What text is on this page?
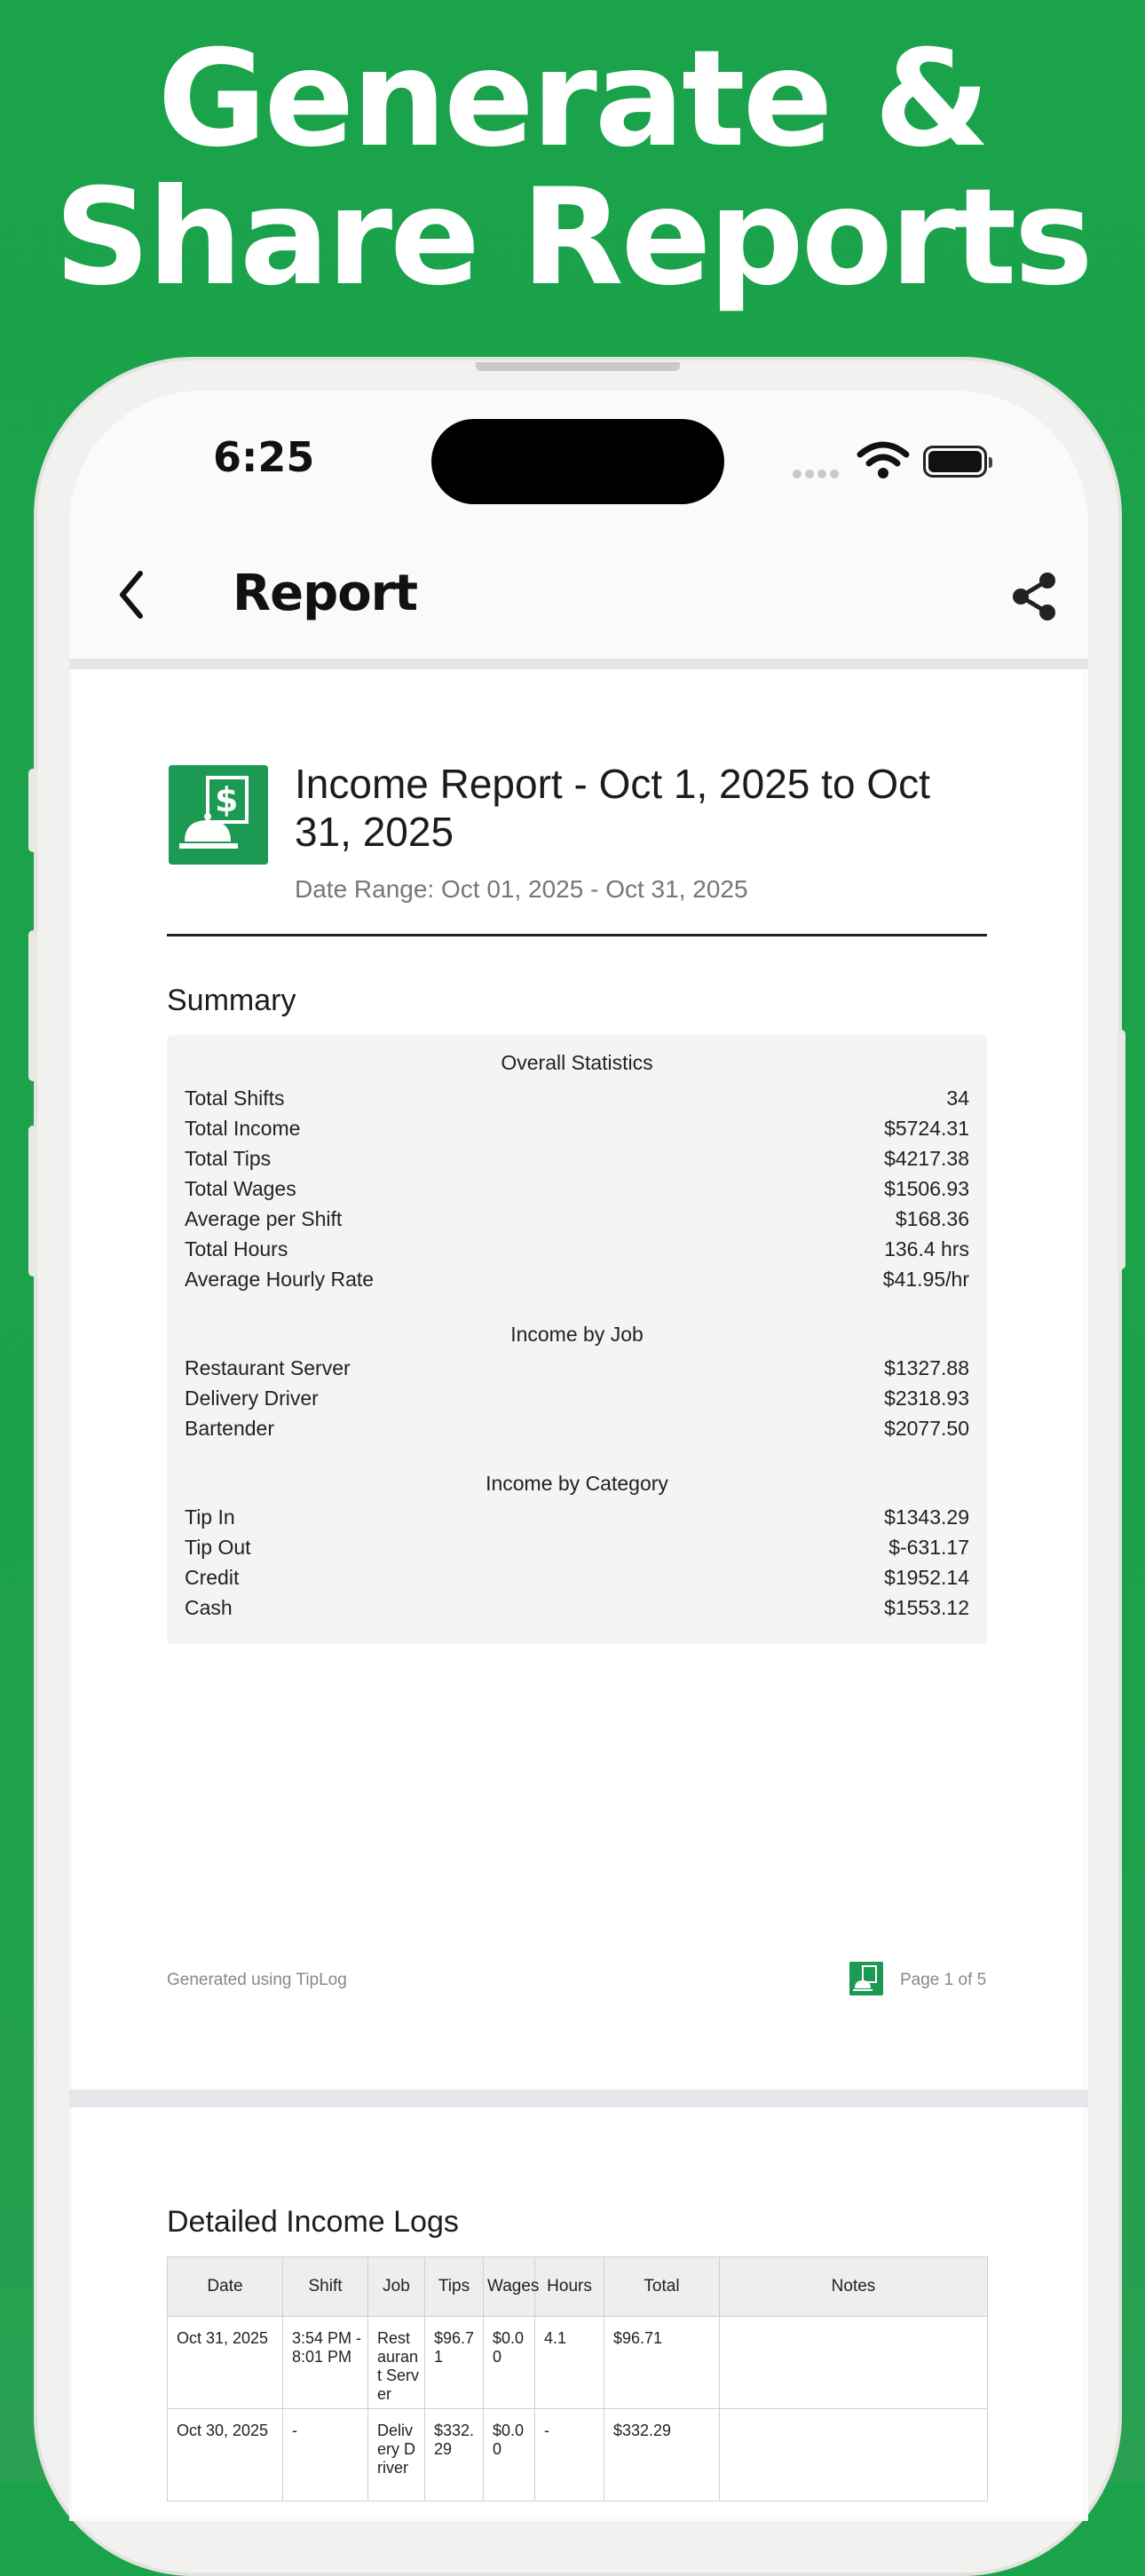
Generate &
Share Reports
6:25
Report
$ Income Report - Oct 1, 2025 to Oct 31, 2025
Date Range: Oct 01, 2025 - Oct 31, 2025
Summary
Overall Statistics
Total Shifts	34
Total Income	$5724.31
Total Tips	$4217.38
Total Wages	$1506.93
Average per Shift	$168.36
Total Hours	136.4 hrs
Average Hourly Rate	$41.95/hr
Income by Job
Restaurant Server	$1327.88
Delivery Driver	$2318.93
Bartender	$2077.50
Income by Category
Tip In	$1343.29
Tip Out	$-631.17
Credit	$1952.14
Cash	$1553.12
Generated using TipLog	Page 1 of 5
Detailed Income Logs
Date	Shift	Job	Tips	Wages	Hours	Total	Notes
Oct 31, 2025	3:54 PM - 8:01 PM	Restaurant Server	$96.71	$0.00	4.1	$96.71	
Oct 30, 2025	-	Delivery Driver	$332.29	$0.00	-	$332.29	
